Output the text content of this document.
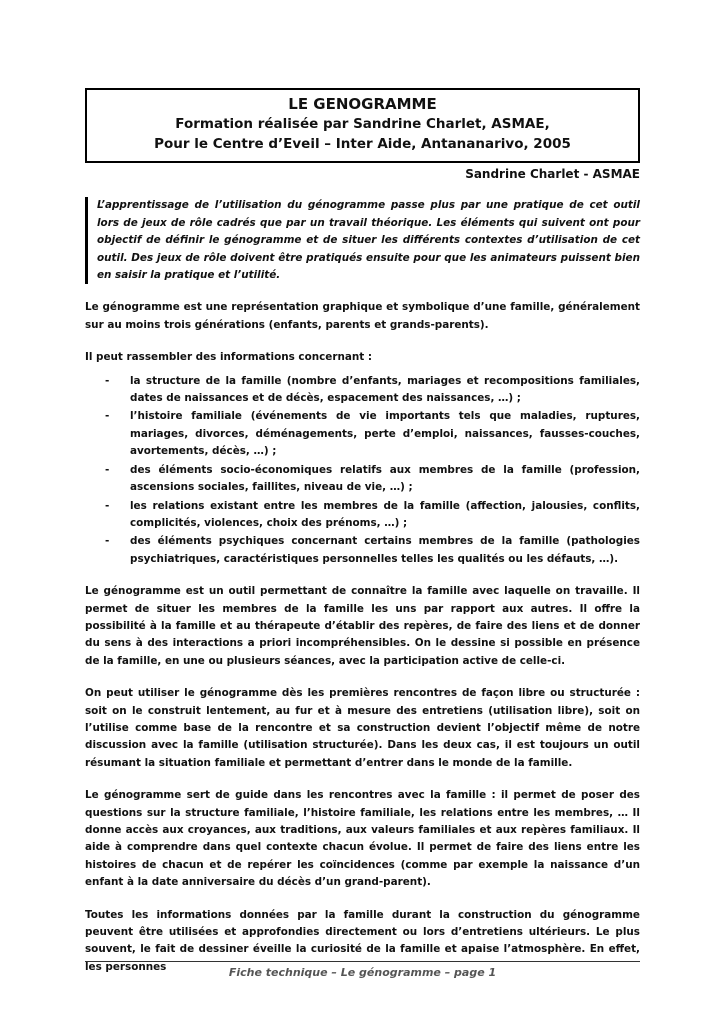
LE GENOGRAMME
Formation réalisée par Sandrine Charlet, ASMAE,
Pour le Centre d’Eveil – Inter Aide, Antananarivo, 2005
Sandrine Charlet - ASMAE
L’apprentissage de l’utilisation du génogramme passe plus par une pratique de cet outil lors de jeux de rôle cadrés que par un travail théorique. Les éléments qui suivent ont pour objectif de définir le génogramme et de situer les différents contextes d’utilisation de cet outil. Des jeux de rôle doivent être pratiqués ensuite pour que les animateurs puissent bien en saisir la pratique et l’utilité.

Le génogramme est une représentation graphique et symbolique d’une famille, généralement sur au moins trois générations (enfants, parents et grands-parents).

Il peut rassembler des informations concernant :

-	la structure de la famille (nombre d’enfants, mariages et recompositions familiales, dates de naissances et de décès, espacement des naissances, …) ;
-	l’histoire familiale (événements de vie importants tels que maladies, ruptures, mariages, divorces, déménagements, perte d’emploi, naissances, fausses-couches, avortements, décès, …) ;
-	des éléments socio-économiques relatifs aux membres de la famille (profession, ascensions sociales, faillites, niveau de vie, …) ;
-	les relations existant entre les membres de la famille (affection, jalousies, conflits, complicités, violences, choix des prénoms, …) ;
-	des éléments psychiques concernant certains membres de la famille (pathologies psychiatriques, caractéristiques personnelles telles les qualités ou les défauts, …).

Le génogramme est un outil permettant de connaître la famille avec laquelle on travaille. Il permet de situer les membres de la famille les uns par rapport aux autres. Il offre la possibilité à la famille et au thérapeute d’établir des repères, de faire des liens et de donner du sens à des interactions a priori incompréhensibles. On le dessine si possible en présence de la famille, en une ou plusieurs séances, avec la participation active de celle-ci.

On peut utiliser le génogramme dès les premières rencontres de façon libre ou structurée : soit on le construit lentement, au fur et à mesure des entretiens (utilisation libre), soit on l’utilise comme base de la rencontre et sa construction devient l’objectif même de notre discussion avec la famille (utilisation structurée). Dans les deux cas, il est toujours un outil résumant la situation familiale et permettant d’entrer dans le monde de la famille.

Le génogramme sert de guide dans les rencontres avec la famille : il permet de poser des questions sur la structure familiale, l’histoire familiale, les relations entre les membres, … Il donne accès aux croyances, aux traditions, aux valeurs familiales et aux repères familiaux. Il aide à comprendre dans quel contexte chacun évolue. Il permet de faire des liens entre les histoires de chacun et de repérer les coïncidences (comme par exemple la naissance d’un enfant à la date anniversaire du décès d’un grand-parent).

Toutes les informations données par la famille durant la construction du génogramme peuvent être utilisées et approfondies directement ou lors d’entretiens ultérieurs. Le plus souvent, le fait de dessiner éveille la curiosité de la famille et apaise l’atmosphère. En effet, les personnes	Fiche technique – Le génogramme – page 1
